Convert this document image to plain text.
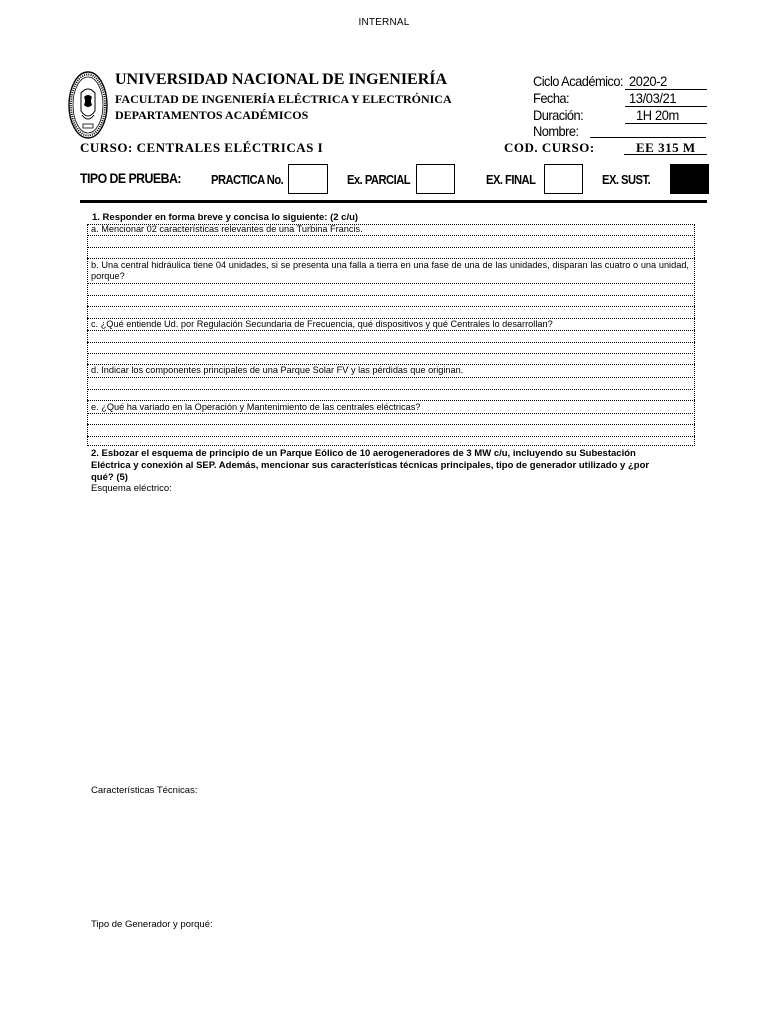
INTERNAL
UNIVERSIDAD NACIONAL DE INGENIERÍA
FACULTAD DE INGENIERÍA ELÉCTRICA Y ELECTRÓNICA
DEPARTAMENTOS ACADÉMICOS
Ciclo Académico: 2020-2
Fecha:	13/03/21
Duración:	1H 20m
Nombre:
CURSO: CENTRALES ELÉCTRICAS I	COD. CURSO:	EE 315 M
TIPO DE PRUEBA: PRACTICA No.	Ex. PARCIAL	EX. FINAL	EX. SUST.
1. Responder en forma breve y concisa lo siguiente: (2 c/u)
a. Mencionar 02 características relevantes de una Turbina Francis.
b. Una central hidráulica tiene 04 unidades, si se presenta una falla a tierra en una fase de una de las unidades, disparan las cuatro o una unidad, porque?
c. ¿Qué entiende Ud. por Regulación Secundaria de Frecuencia, qué dispositivos y qué Centrales lo desarrollan?
d. Indicar los componentes principales de una Parque Solar FV y las pérdidas que originan.
e. ¿Qué ha variado en la Operación y Mantenimiento de las centrales eléctricas?
2. Esbozar el esquema de principio de un Parque Eólico de 10 aerogeneradores de 3 MW c/u, incluyendo su Subestación Eléctrica y conexión al SEP. Además, mencionar sus características técnicas principales, tipo de generador utilizado y ¿por qué? (5)
Esquema eléctrico:
Características Técnicas:
Tipo de Generador y porqué:
